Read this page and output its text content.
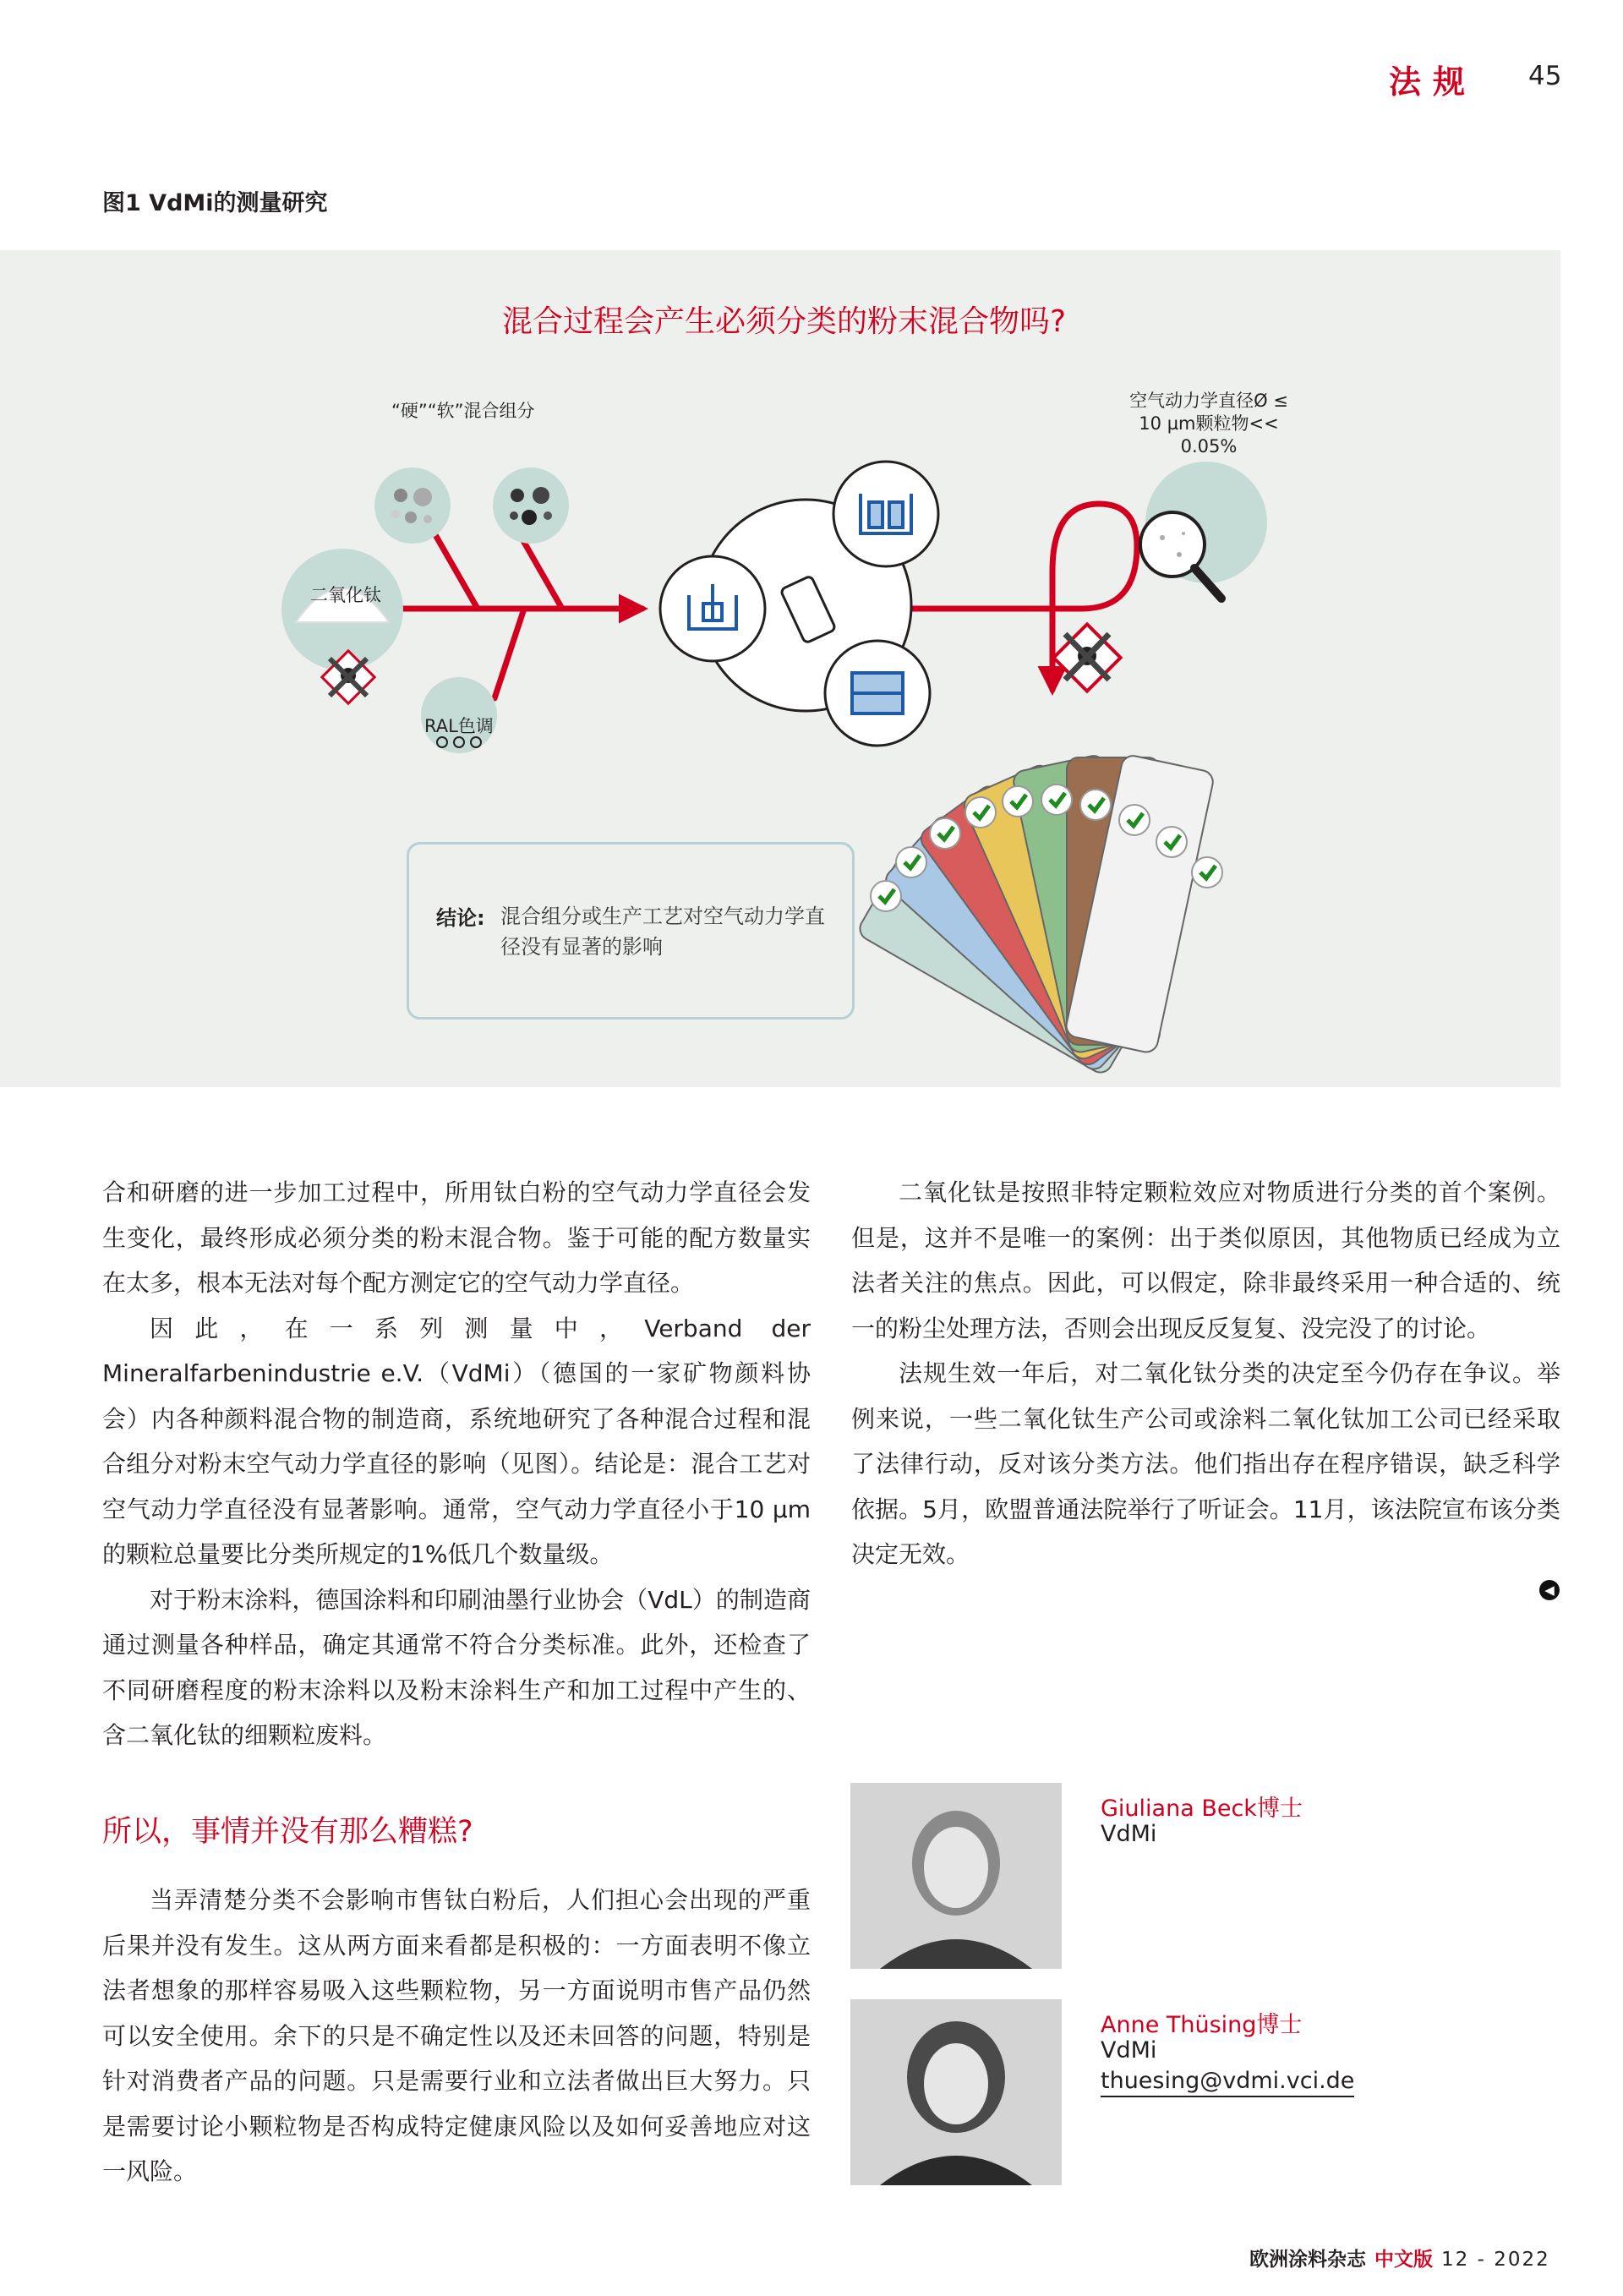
法规 45
图1 VdMi的测量研究
混合过程会产生必须分类的粉末混合物吗?
“硬”“软”混合组分
二氧化钛
RAL色调
空气动力学直径Ø ≤ 10 µm颗粒物<< 0.05%
结论: 混合组分或生产工艺对空气动力学直径没有显著的影响

合和研磨的进一步加工过程中，所用钛白粉的空气动力学直径会发生变化，最终形成必须分类的粉末混合物。鉴于可能的配方数量实在太多，根本无法对每个配方测定它的空气动力学直径。

因此，在一系列测量中，Verband der Mineralfarbenindustrie e.V.（VdMi）（德国的一家矿物颜料协会）内各种颜料混合物的制造商，系统地研究了各种混合过程和混合组分对粉末空气动力学直径的影响（见图）。结论是：混合工艺对空气动力学直径没有显著影响。通常，空气动力学直径小于10 μm的颗粒总量要比分类所规定的1%低几个数量级。

对于粉末涂料，德国涂料和印刷油墨行业协会（VdL）的制造商通过测量各种样品，确定其通常不符合分类标准。此外，还检查了不同研磨程度的粉末涂料以及粉末涂料生产和加工过程中产生的、含二氧化钛的细颗粒废料。

所以，事情并没有那么糟糕?

当弄清楚分类不会影响市售钛白粉后，人们担心会出现的严重后果并没有发生。这从两方面来看都是积极的：一方面表明不像立法者想象的那样容易吸入这些颗粒物，另一方面说明市售产品仍然可以安全使用。余下的只是不确定性以及还未回答的问题，特别是针对消费者产品的问题。只是需要行业和立法者做出巨大努力。只是需要讨论小颗粒物是否构成特定健康风险以及如何妥善地应对这一风险。

二氧化钛是按照非特定颗粒效应对物质进行分类的首个案例。但是，这并不是唯一的案例：出于类似原因，其他物质已经成为立法者关注的焦点。因此，可以假定，除非最终采用一种合适的、统一的粉尘处理方法，否则会出现反反复复、没完没了的讨论。

法规生效一年后，对二氧化钛分类的决定至今仍存在争议。举例来说，一些二氧化钛生产公司或涂料二氧化钛加工公司已经采取了法律行动，反对该分类方法。他们指出存在程序错误，缺乏科学依据。5月，欧盟普通法院举行了听证会。11月，该法院宣布该分类决定无效。

◀
Giuliana Beck博士
VdMi
Anne Thüsing博士
VdMi
thuesing@vdmi.vci.de
欧洲涂料杂志 中文版 12 - 2022
